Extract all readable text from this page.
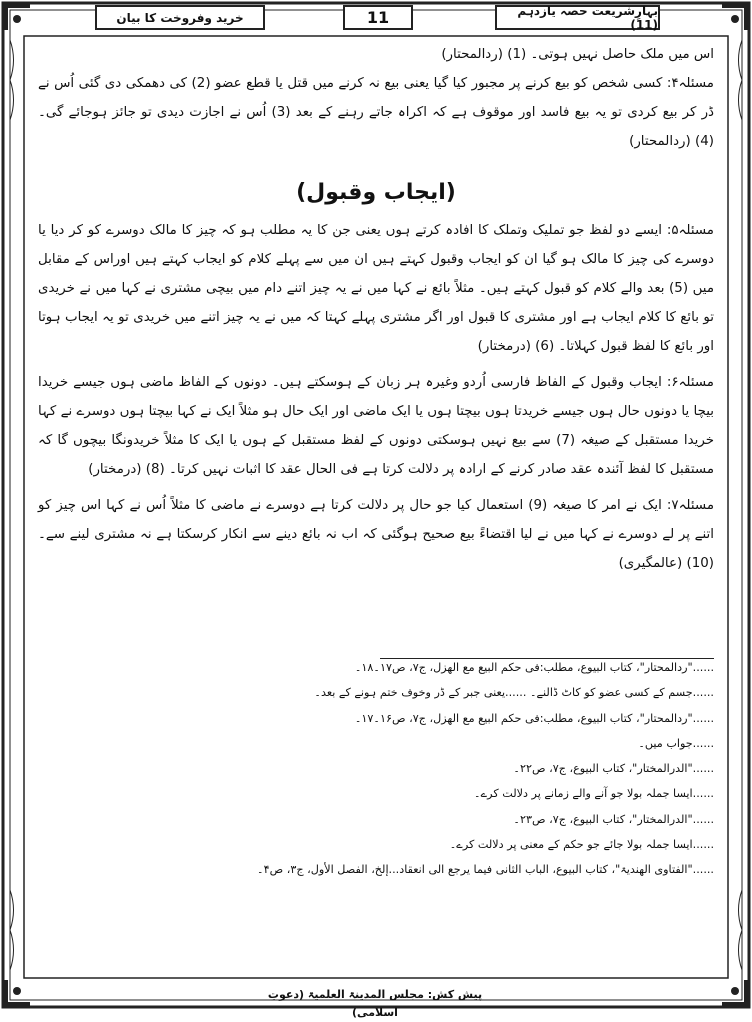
بہارِشریعت حصہ یازدہم (11)
11
خرید وفروخت کا بیان

اس میں ملک حاصل نہیں ہوتی۔ (1) (ردالمحتار)

مسئلہ۴: کسی شخص کو بیع کرنے پر مجبور کیا گیا یعنی بیع نہ کرنے میں قتل یا قطع عضو (2) کی دھمکی دی گئی اُس نے ڈر کر بیع کردی تو یہ بیع فاسد اور موقوف ہے کہ اکراہ جاتے رہنے کے بعد (3) اُس نے اجازت دیدی تو جائز ہوجائے گی۔ (4) (ردالمحتار)

(ایجاب وقبول)

مسئلہ۵: ایسے دو لفظ جو تملیک وتملک کا افادہ کرتے ہوں یعنی جن کا یہ مطلب ہو کہ چیز کا مالک دوسرے کو کر دیا یا دوسرے کی چیز کا مالک ہو گیا ان کو ایجاب وقبول کہتے ہیں ان میں سے پہلے کلام کو ایجاب کہتے ہیں اوراس کے مقابل میں (5) بعد والے کلام کو قبول کہتے ہیں۔ مثلاً بائع نے کہا میں نے یہ چیز اتنے دام میں بیچی مشتری نے کہا میں نے خریدی تو بائع کا کلام ایجاب ہے اور مشتری کا قبول اور اگر مشتری پہلے کہتا کہ میں نے یہ چیز اتنے میں خریدی تو یہ ایجاب ہوتا اور بائع کا لفظ قبول کہلاتا۔ (6) (درمختار)

مسئلہ۶: ایجاب وقبول کے الفاظ فارسی اُردو وغیرہ ہر زبان کے ہوسکتے ہیں۔ دونوں کے الفاظ ماضی ہوں جیسے خریدا بیچا یا دونوں حال ہوں جیسے خریدتا ہوں بیچتا ہوں یا ایک ماضی اور ایک حال ہو مثلاً ایک نے کہا بیچتا ہوں دوسرے نے کہا خریدا مستقبل کے صیغہ (7) سے بیع نہیں ہوسکتی دونوں کے لفظ مستقبل کے ہوں یا ایک کا مثلاً خریدونگا بیچوں گا کہ مستقبل کا لفظ آئندہ عقد صادر کرنے کے ارادہ پر دلالت کرتا ہے فی الحال عقد کا اثبات نہیں کرتا۔ (8) (درمختار)

مسئلہ۷: ایک نے امر کا صیغہ (9) استعمال کیا جو حال پر دلالت کرتا ہے دوسرے نے ماضی کا مثلاً اُس نے کہا اس چیز کو اتنے پر لے دوسرے نے کہا میں نے لیا اقتضاءً بیع صحیح ہوگئی کہ اب نہ بائع دینے سے انکار کرسکتا ہے نہ مشتری لینے سے۔ (10) (عالمگیری)

......"ردالمحتار"، کتاب البیوع، مطلب:فی حکم البیع مع الھزل، ج۷، ص۱۷۔۱۸۔
......جسم کے کسی عضو کو کاٹ ڈالنے۔ ......یعنی جبر کے ڈر وخوف ختم ہونے کے بعد۔
......"ردالمحتار"، کتاب البیوع، مطلب:فی حکم البیع مع الھزل، ج۷، ص۱۶۔۱۷۔
......جواب میں۔
......"الدرالمختار"، کتاب البیوع، ج۷، ص۲۲۔
......ایسا جملہ بولا جو آنے والے زمانے پر دلالت کرے۔
......"الدرالمختار"، کتاب البیوع، ج۷، ص۲۳۔
......ایسا جملہ بولا جائے جو حکم کے معنی پر دلالت کرے۔
......"الفتاوی الھندیۃ"، کتاب البیوع، الباب الثانی فیما یرجع الی انعقاد...إلخ، الفصل الأول، ج۳، ص۴۔
پیش کش: مجلس المدینۃ العلمیۃ (دعوتِ اسلامی)
